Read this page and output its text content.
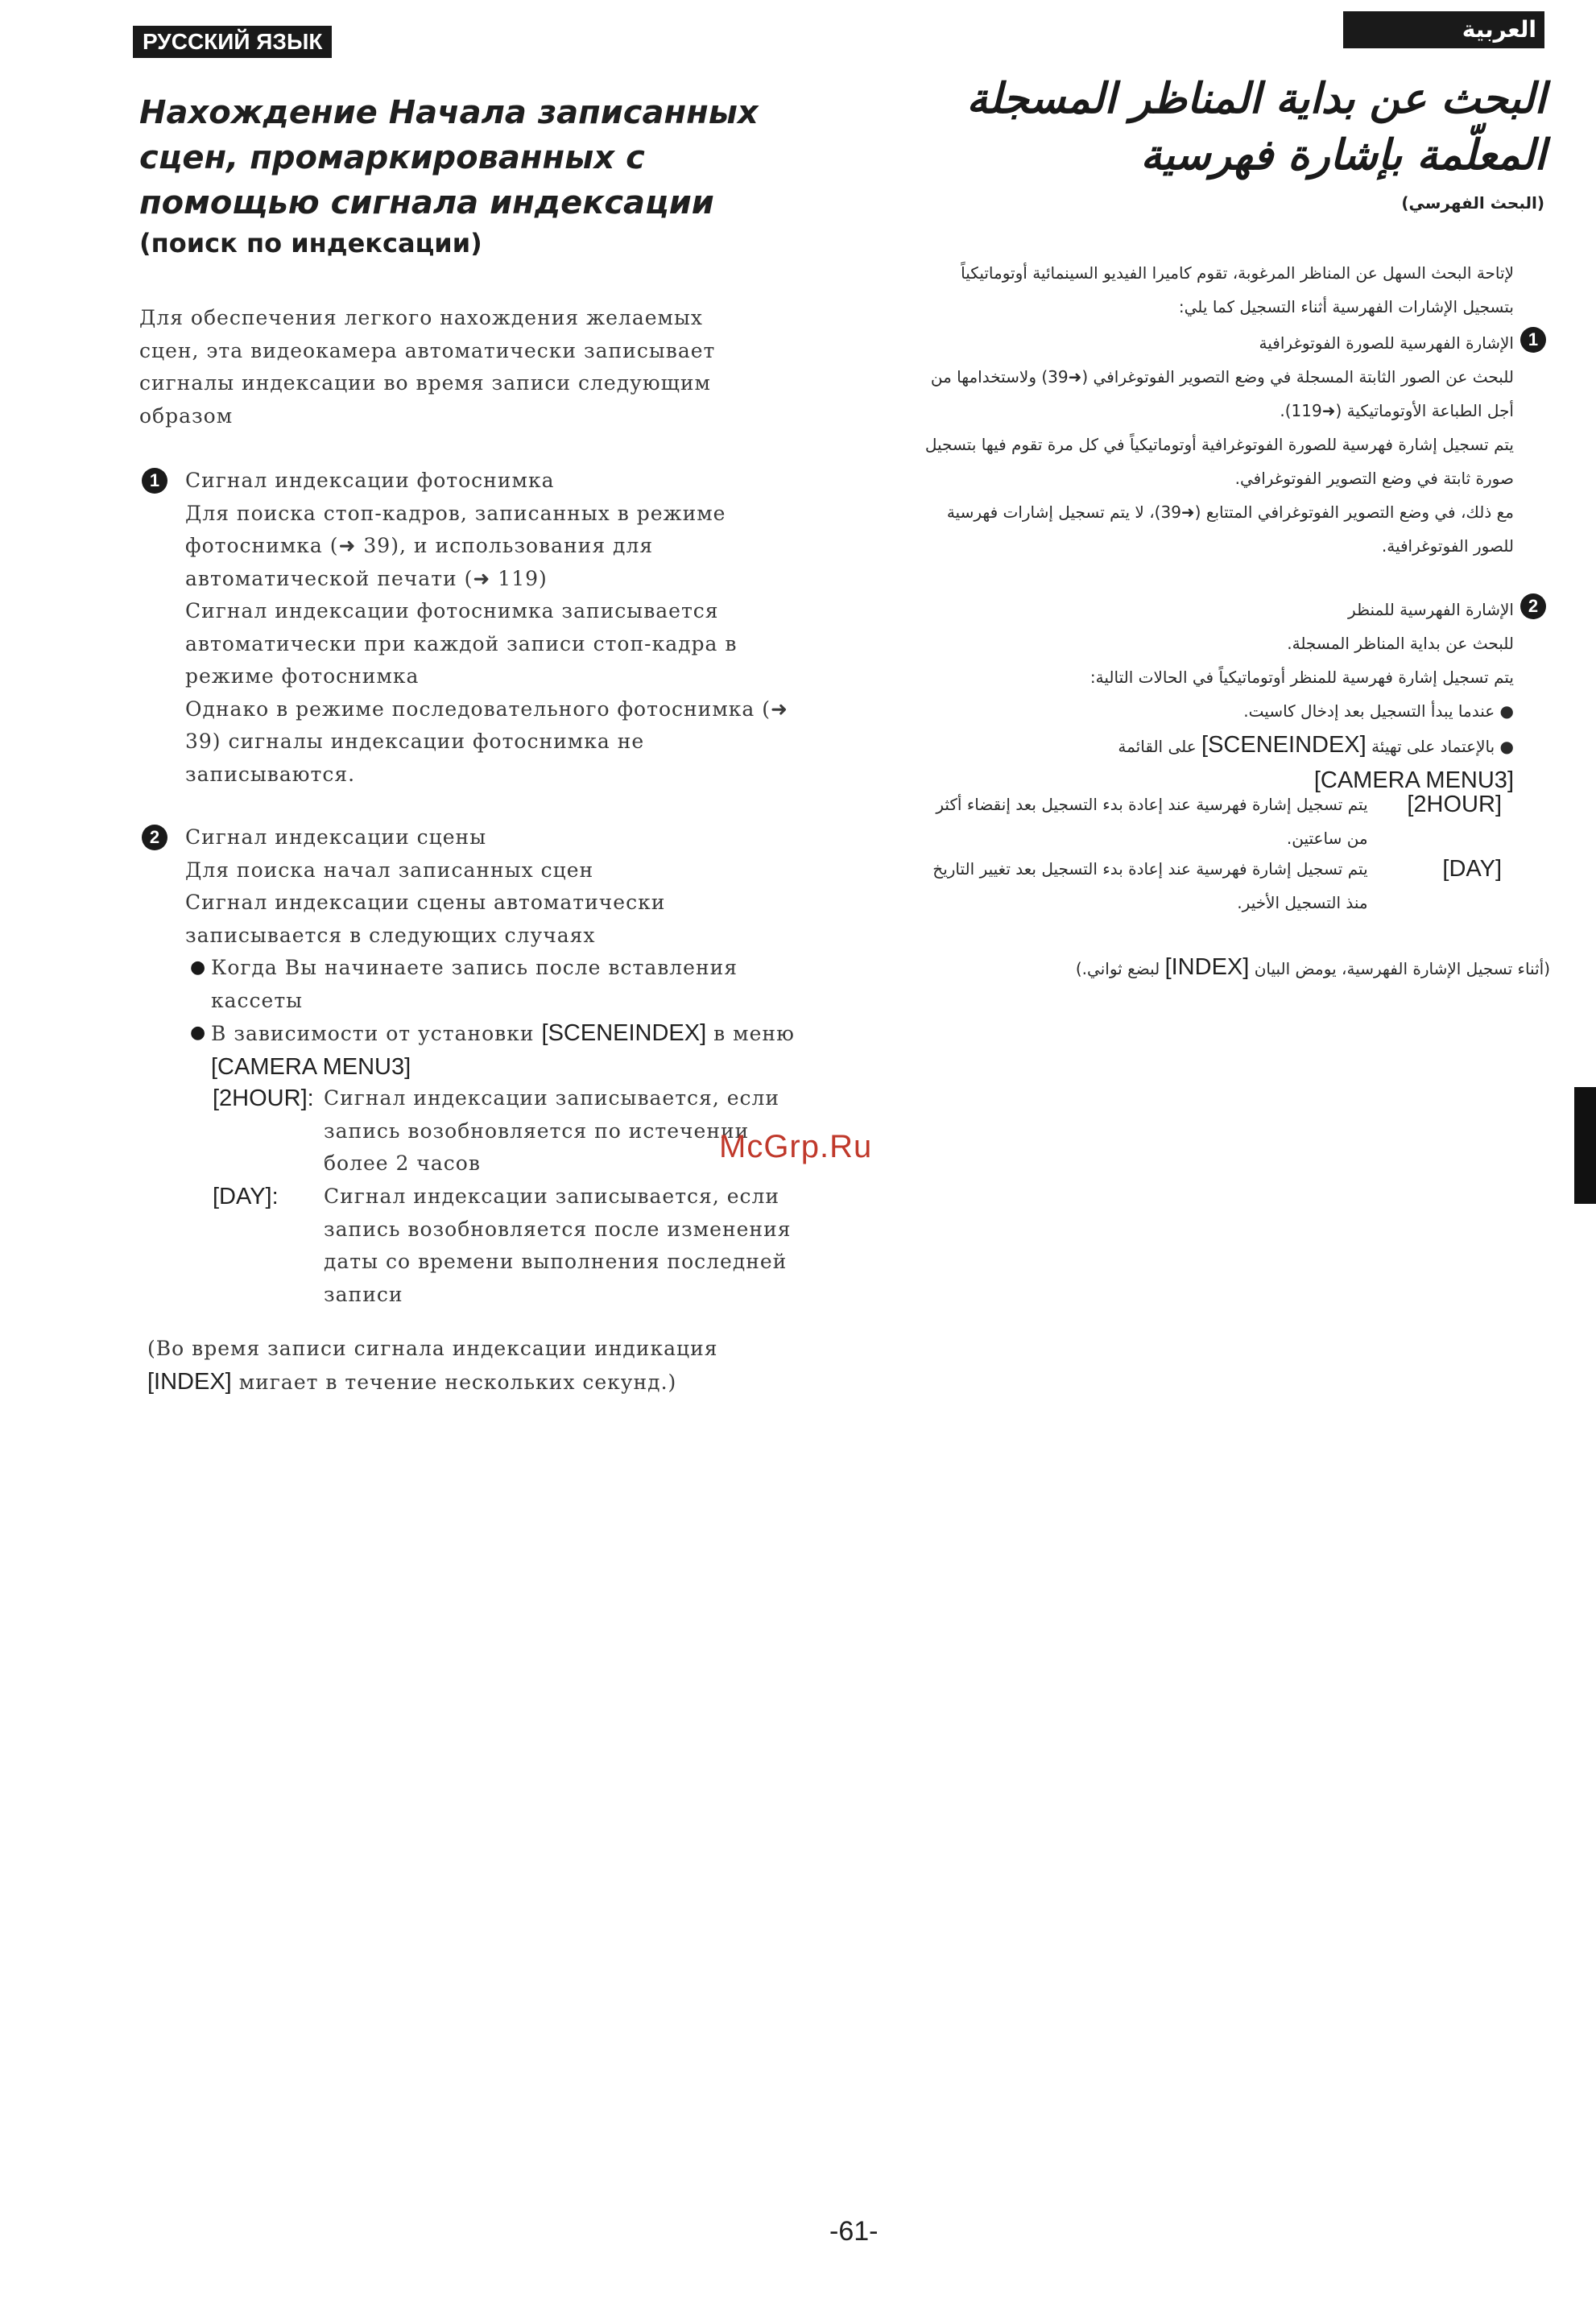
РУССКИЙ ЯЗЫК	العربية
Нахождение Начала записанных сцен, промаркированных с помощью сигнала индексации
(поиск по индексации)
Для обеспечения легкого нахождения желаемых сцен, эта видеокамера автоматически записывает сигналы индексации во время записи следующим образом
1	Сигнал индексации фотоснимка
Для поиска стоп-кадров, записанных в режиме фотоснимка (➜ 39), и использования для автоматической печати (➜ 119)
Сигнал индексации фотоснимка записывается автоматически при каждой записи стоп-кадра в режиме фотоснимка
Однако в режиме последовательного фотоснимка (➜ 39) сигналы индексации фотоснимка не записываются.
2	Сигнал индексации сцены
Для поиска начал записанных сцен
Сигнал индексации сцены автоматически записывается в следующих случаях
● Когда Вы начинаете запись после вставления кассеты
● В зависимости от установки [SCENEINDEX] в меню [CAMERA MENU3]
[2HOUR]: Сигнал индексации записывается, если запись возобновляется по истечении более 2 часов
[DAY]: Сигнал индексации записывается, если запись возобновляется после изменения даты со времени выполнения последней записи
(Во время записи сигнала индексации индикация [INDEX] мигает в течение нескольких секунд.)
البحث عن بداية المناظر المسجلة
المعلّمة بإشارة فهرسية
(البحث الفهرسي)
لإتاحة البحث السهل عن المناظر المرغوبة، تقوم كاميرا الفيديو السينمائية أوتوماتيكياً بتسجيل الإشارات الفهرسية أثناء التسجيل كما يلي:
1
الإشارة الفهرسية للصورة الفوتوغرافية
للبحث عن الصور الثابتة المسجلة في وضع التصوير الفوتوغرافي (➜39) ولاستخدامها من أجل الطباعة الأوتوماتيكية (➜119).
يتم تسجيل إشارة فهرسية للصورة الفوتوغرافية أوتوماتيكياً في كل مرة تقوم فيها بتسجيل صورة ثابتة في وضع التصوير الفوتوغرافي.
مع ذلك، في وضع التصوير الفوتوغرافي المتتابع (➜39)، لا يتم تسجيل إشارات فهرسية للصور الفوتوغرافية.
2
الإشارة الفهرسية للمنظر
للبحث عن بداية المناظر المسجلة.
يتم تسجيل إشارة فهرسية للمنظر أوتوماتيكياً في الحالات التالية:
● عندما يبدأ التسجيل بعد إدخال كاسيت.
● بالإعتماد على تهيئة [SCENEINDEX] على القائمة
[CAMERA MENU3]
[2HOUR] يتم تسجيل إشارة فهرسية عند إعادة بدء التسجيل بعد إنقضاء أكثر من ساعتين.
[DAY] يتم تسجيل إشارة فهرسية عند إعادة بدء التسجيل بعد تغيير التاريخ منذ التسجيل الأخير.
(أثناء تسجيل الإشارة الفهرسية، يومض البيان [INDEX] لبضع ثواني.)
McGrp.Ru
-61-
